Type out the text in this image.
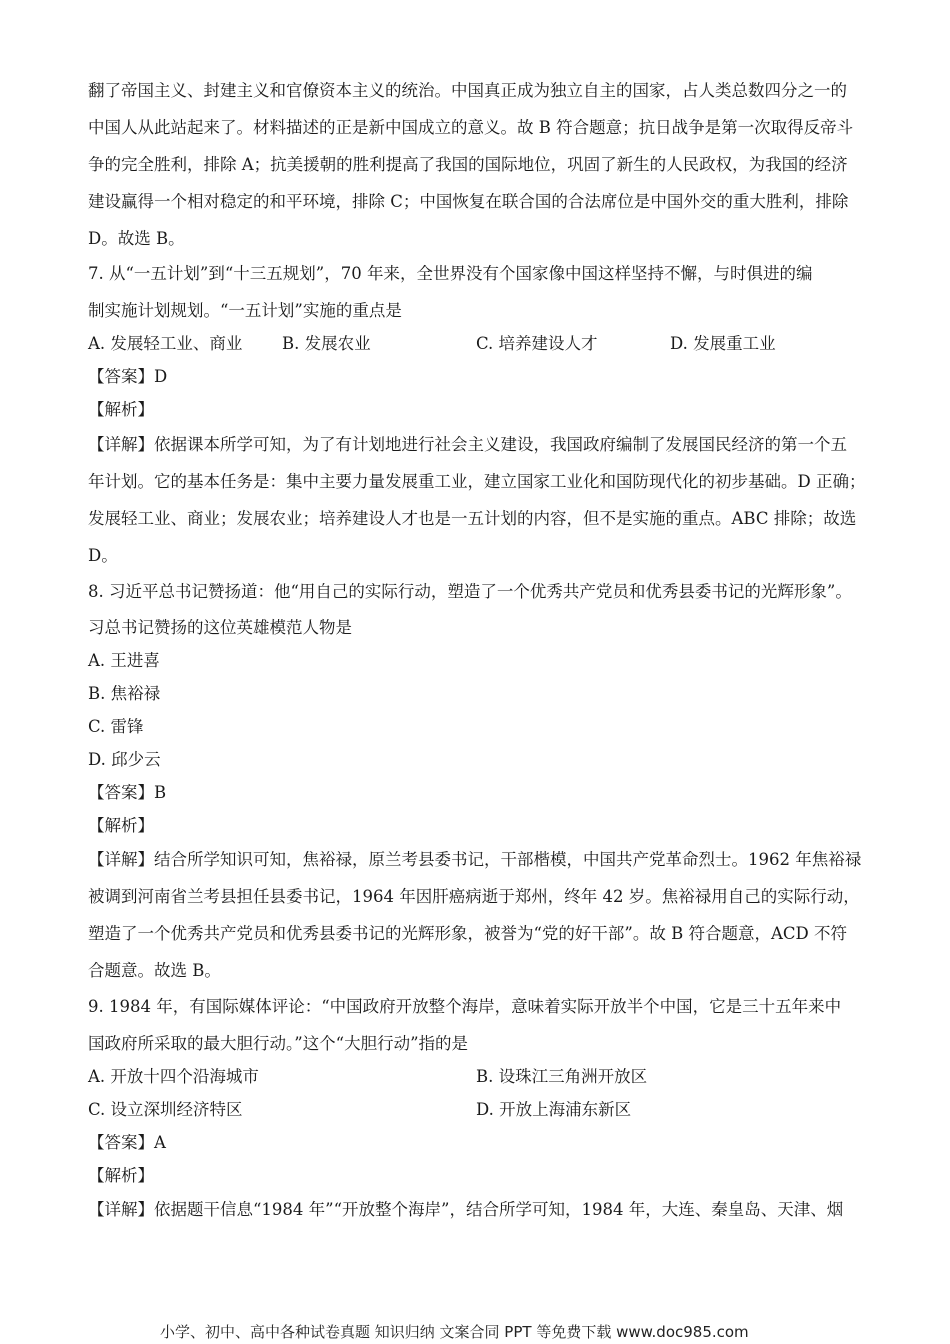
翻了帝国主义、封建主义和官僚资本主义的统治。中国真正成为独立自主的国家，占人类总数四分之一的
中国人从此站起来了。材料描述的正是新中国成立的意义。故 B 符合题意；抗日战争是第一次取得反帝斗
争的完全胜利，排除 A；抗美援朝的胜利提高了我国的国际地位，巩固了新生的人民政权，为我国的经济
建设赢得一个相对稳定的和平环境，排除 C；中国恢复在联合国的合法席位是中国外交的重大胜利，排除
D。故选 B。
7. 从“一五计划”到“十三五规划”，70 年来，全世界没有个国家像中国这样坚持不懈，与时俱进的编
制实施计划规划。“一五计划”实施的重点是
A. 发展轻工业、商业 B. 发展农业	C. 培养建设人才	D. 发展重工业
【答案】D
【解析】
【详解】依据课本所学可知，为了有计划地进行社会主义建设，我国政府编制了发展国民经济的第一个五
年计划。它的基本任务是：集中主要力量发展重工业，建立国家工业化和国防现代化的初步基础。D 正确；
发展轻工业、商业；发展农业；培养建设人才也是一五计划的内容，但不是实施的重点。ABC 排除；故选
D。
8. 习近平总书记赞扬道：他“用自己的实际行动，塑造了一个优秀共产党员和优秀县委书记的光辉形象”。
习总书记赞扬的这位英雄模范人物是
A. 王进喜
B. 焦裕禄
C. 雷锋
D. 邱少云
【答案】B
【解析】
【详解】结合所学知识可知，焦裕禄，原兰考县委书记，干部楷模，中国共产党革命烈士。1962 年焦裕禄
被调到河南省兰考县担任县委书记，1964 年因肝癌病逝于郑州，终年 42 岁。焦裕禄用自己的实际行动，
塑造了一个优秀共产党员和优秀县委书记的光辉形象，被誉为“党的好干部”。故 B 符合题意，ACD 不符
合题意。故选 B。
9. 1984 年，有国际媒体评论：“中国政府开放整个海岸，意味着实际开放半个中国，它是三十五年来中
国政府所采取的最大胆行动。”这个“大胆行动”指的是
A. 开放十四个沿海城市	B. 设珠江三角洲开放区
C. 设立深圳经济特区	D. 开放上海浦东新区
【答案】A
【解析】
【详解】依据题干信息“1984 年”“开放整个海岸”，结合所学可知，1984 年，大连、秦皇岛、天津、烟
小学、初中、高中各种试卷真题 知识归纳 文案合同 PPT 等免费下载 www.doc985.com
